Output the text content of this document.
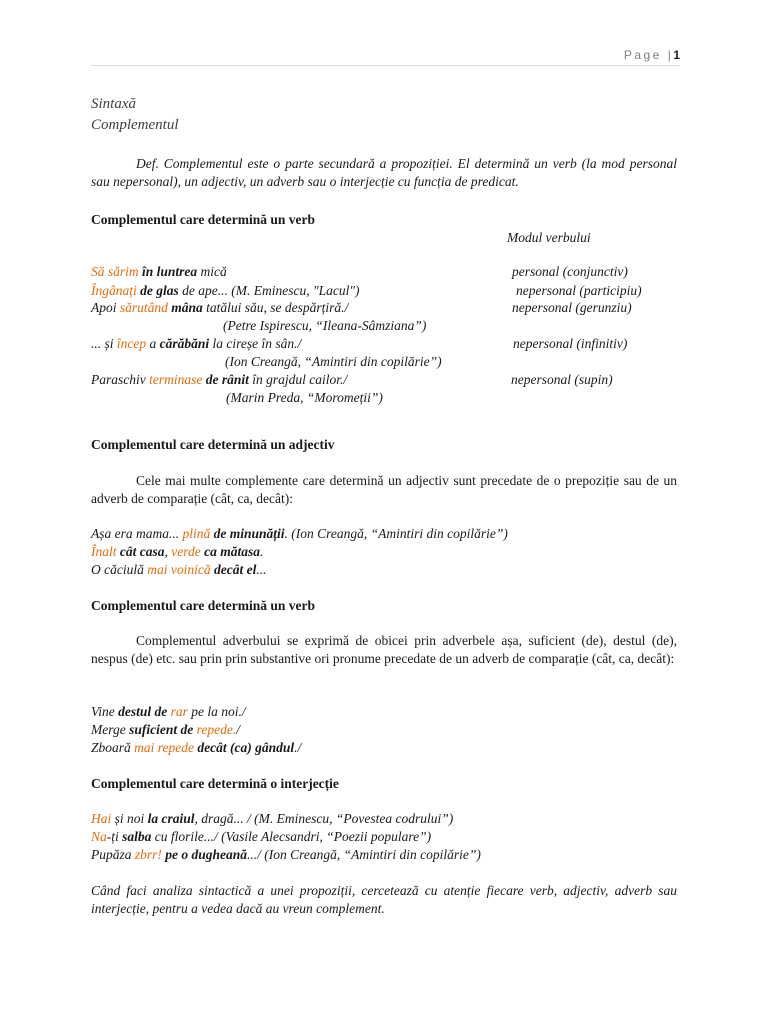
Page |1
Sintaxă
Complementul
Def. Complementul este o parte secundară a propoziției. El determină un verb (la mod personal sau nepersonal), un adjectiv, un adverb sau o interjecție cu funcția de predicat.
Complementul care determină un verb
Modul verbului
Să sărim în luntrea mică	personal (conjunctiv)
Îngânați de glas de ape... (M. Eminescu, "Lacul")	nepersonal (participiu)
Apoi sărutând mâna tatălui său, se despărțiră./	nepersonal (gerunziu)
(Petre Ispirescu, “Ileana-Sâmziana”)
... și încep a cărăbăni la cireșe în sân./	nepersonal (infinitiv)
(Ion Creangă, “Amintiri din copilărie”)
Paraschiv terminase de rânit în grajdul cailor./	nepersonal (supin)
(Marin Preda, “Moromeții”)
Complementul care determină un adjectiv
Cele mai multe complemente care determină un adjectiv sunt precedate de o prepoziție sau de un adverb de comparație (cât, ca, decât):
Așa era mama... plină de minunății. (Ion Creangă, “Amintiri din copilărie”)
Înalt cât casa, verde ca mătasa.
O căciulă mai voinică decât el...
Complementul care determină un verb
Complementul adverbului se exprimă de obicei prin adverbele așa, suficient (de), destul (de), nespus (de) etc. sau prin prin substantive ori pronume precedate de un adverb de comparație (cât, ca, decât):
Vine destul de rar pe la noi./
Merge suficient de repede./
Zboară mai repede decât (ca) gândul./
Complementul care determină o interjecție
Hai și noi la craiul, dragă... / (M. Eminescu, “Povestea codrului”)
Na-ți salba cu florile.../ (Vasile Alecsandri, “Poezii populare”)
Pupăza zbrr! pe o dugheană.../ (Ion Creangă, “Amintiri din copilărie”)
Când faci analiza sintactică a unei propoziții, cercetează cu atenție fiecare verb, adjectiv, adverb sau interjecție, pentru a vedea dacă au vreun complement.
